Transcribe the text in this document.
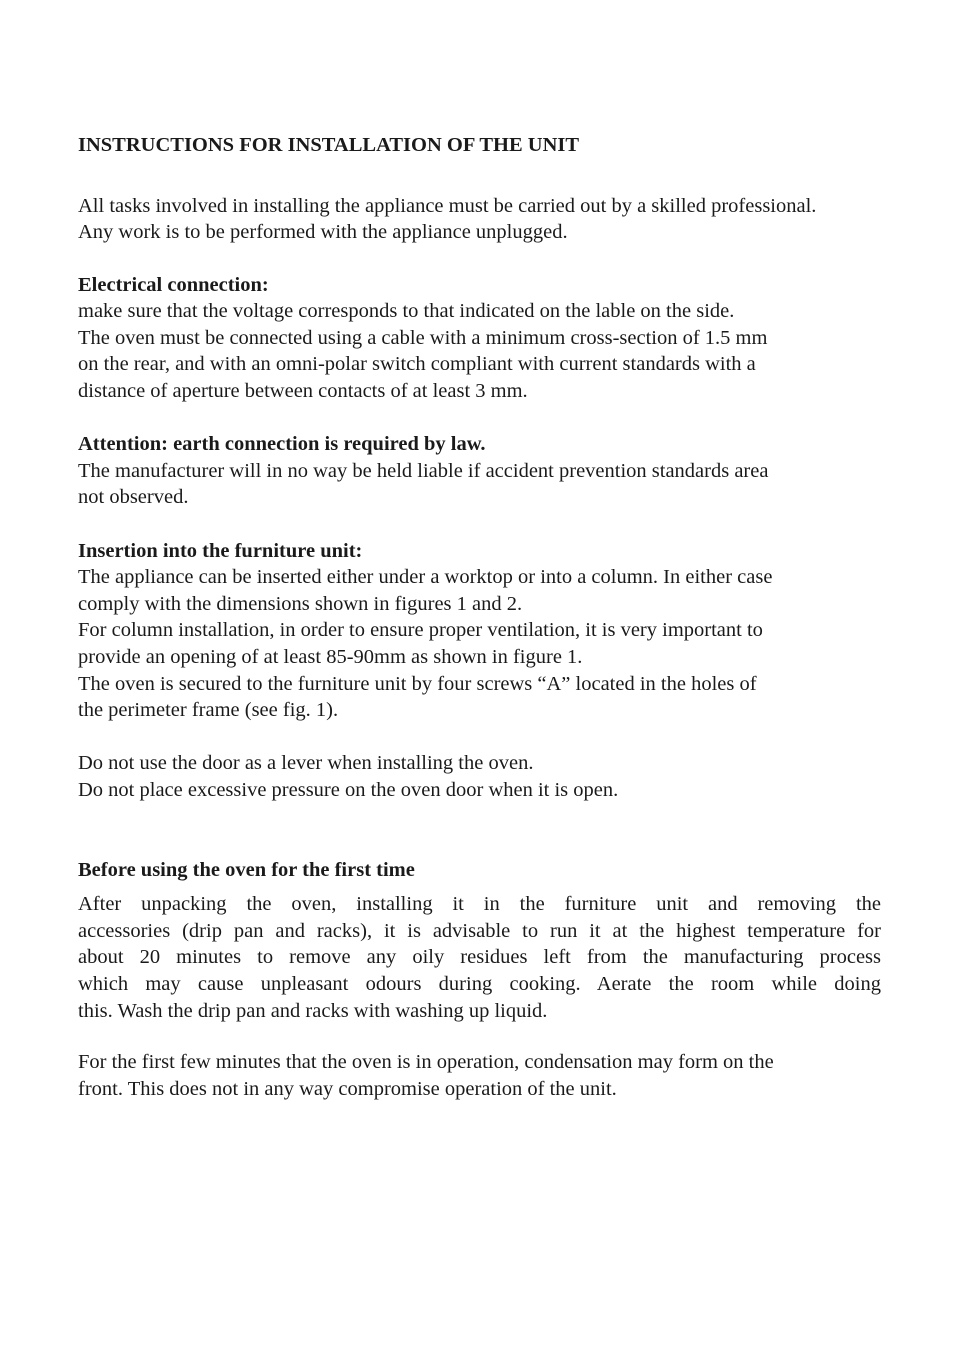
INSTRUCTIONS FOR INSTALLATION OF THE UNIT
All tasks involved in installing the appliance must be carried out by a skilled professional.
Any work is to be performed with the appliance unplugged.
Electrical connection:
make sure that the voltage corresponds to that indicated on the lable on the side.
The oven must be connected using a cable with a minimum cross-section of 1.5 mm
on the rear, and with an omni-polar switch compliant with current standards with a
distance of aperture between contacts of at least 3 mm.
Attention: earth connection is required by law.
The manufacturer will in no way be held liable if accident prevention standards area
not observed.
Insertion into the furniture unit:
The appliance can be inserted either under a worktop or into a column. In either case
comply with the dimensions shown in figures 1 and 2.
For column installation, in order to ensure proper ventilation, it is very important to
provide an opening of at least 85-90mm as shown in figure 1.
The oven is secured to the furniture unit by four screws “A” located in the holes of
the perimeter frame (see fig. 1).
Do not use the door as a lever when installing the oven.
Do not place excessive pressure on the oven door when it is open.
Before using the oven for the first time
After unpacking the oven, installing it in the furniture unit and removing the
accessories (drip pan and racks), it is advisable to run it at the highest temperature for
about 20 minutes to remove any oily residues left from the manufacturing process
which may cause unpleasant odours during cooking. Aerate the room while doing
this. Wash the drip pan and racks with washing up liquid.
For the first few minutes that the oven is in operation, condensation may form on the
front. This does not in any way compromise operation of the unit.
